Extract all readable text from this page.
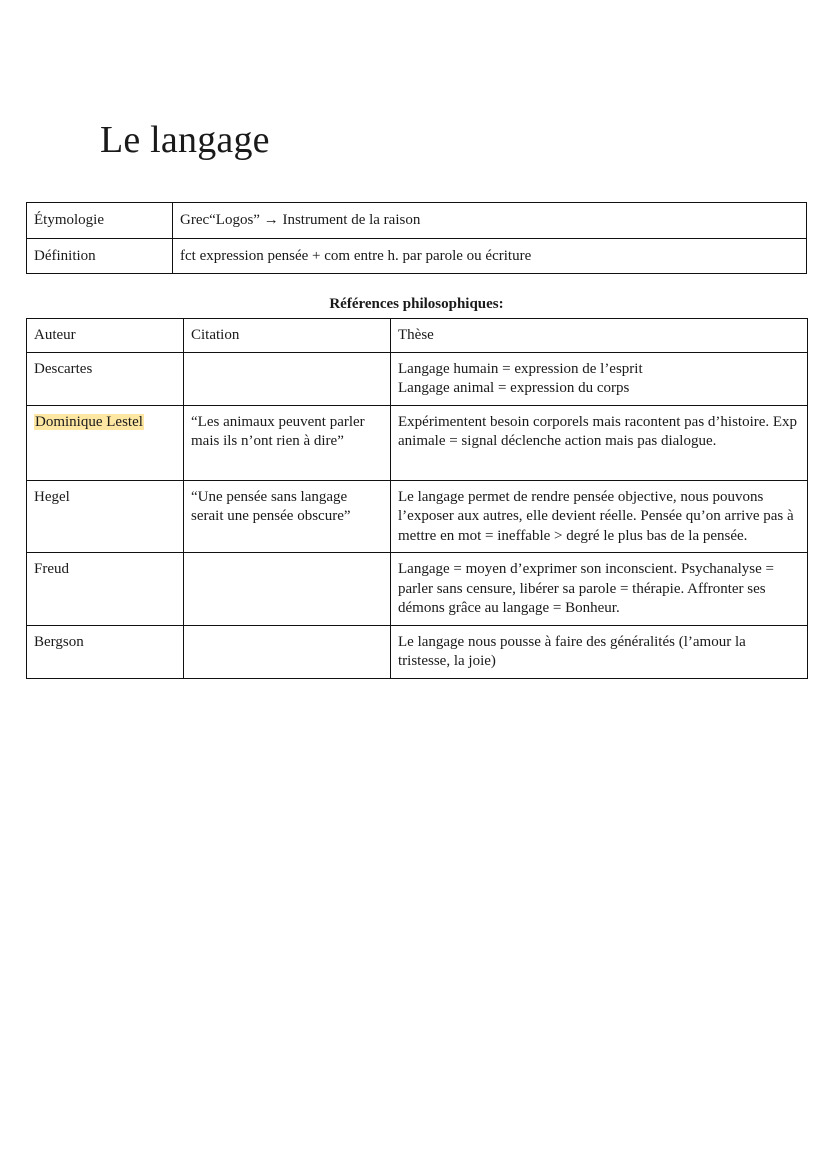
Le langage
Étymologie	Grec“Logos” → Instrument de la raison
Définition	fct expression pensée + com entre h. par parole ou écriture

Références philosophiques:

Auteur	Citation	Thèse
Descartes		Langage humain = expression de l’esprit
Langage animal = expression du corps

Dominique Lestel	“Les animaux peuvent parler mais ils n’ont rien à dire”	Expérimentent besoin corporels mais racontent pas d’histoire. Exp animale = signal déclenche action mais pas dialogue.
Hegel	“Une pensée sans langage serait une pensée obscure”	Le langage permet de rendre pensée objective, nous pouvons l’exposer aux autres, elle devient réelle. Pensée qu’on arrive pas à mettre en mot = ineffable > degré le plus bas de la pensée.
Freud		Langage = moyen d’exprimer son inconscient. Psychanalyse = parler sans censure, libérer sa parole = thérapie. Affronter ses démons grâce au langage = Bonheur.
Bergson		Le langage nous pousse à faire des généralités (l’amour la tristesse, la joie)
